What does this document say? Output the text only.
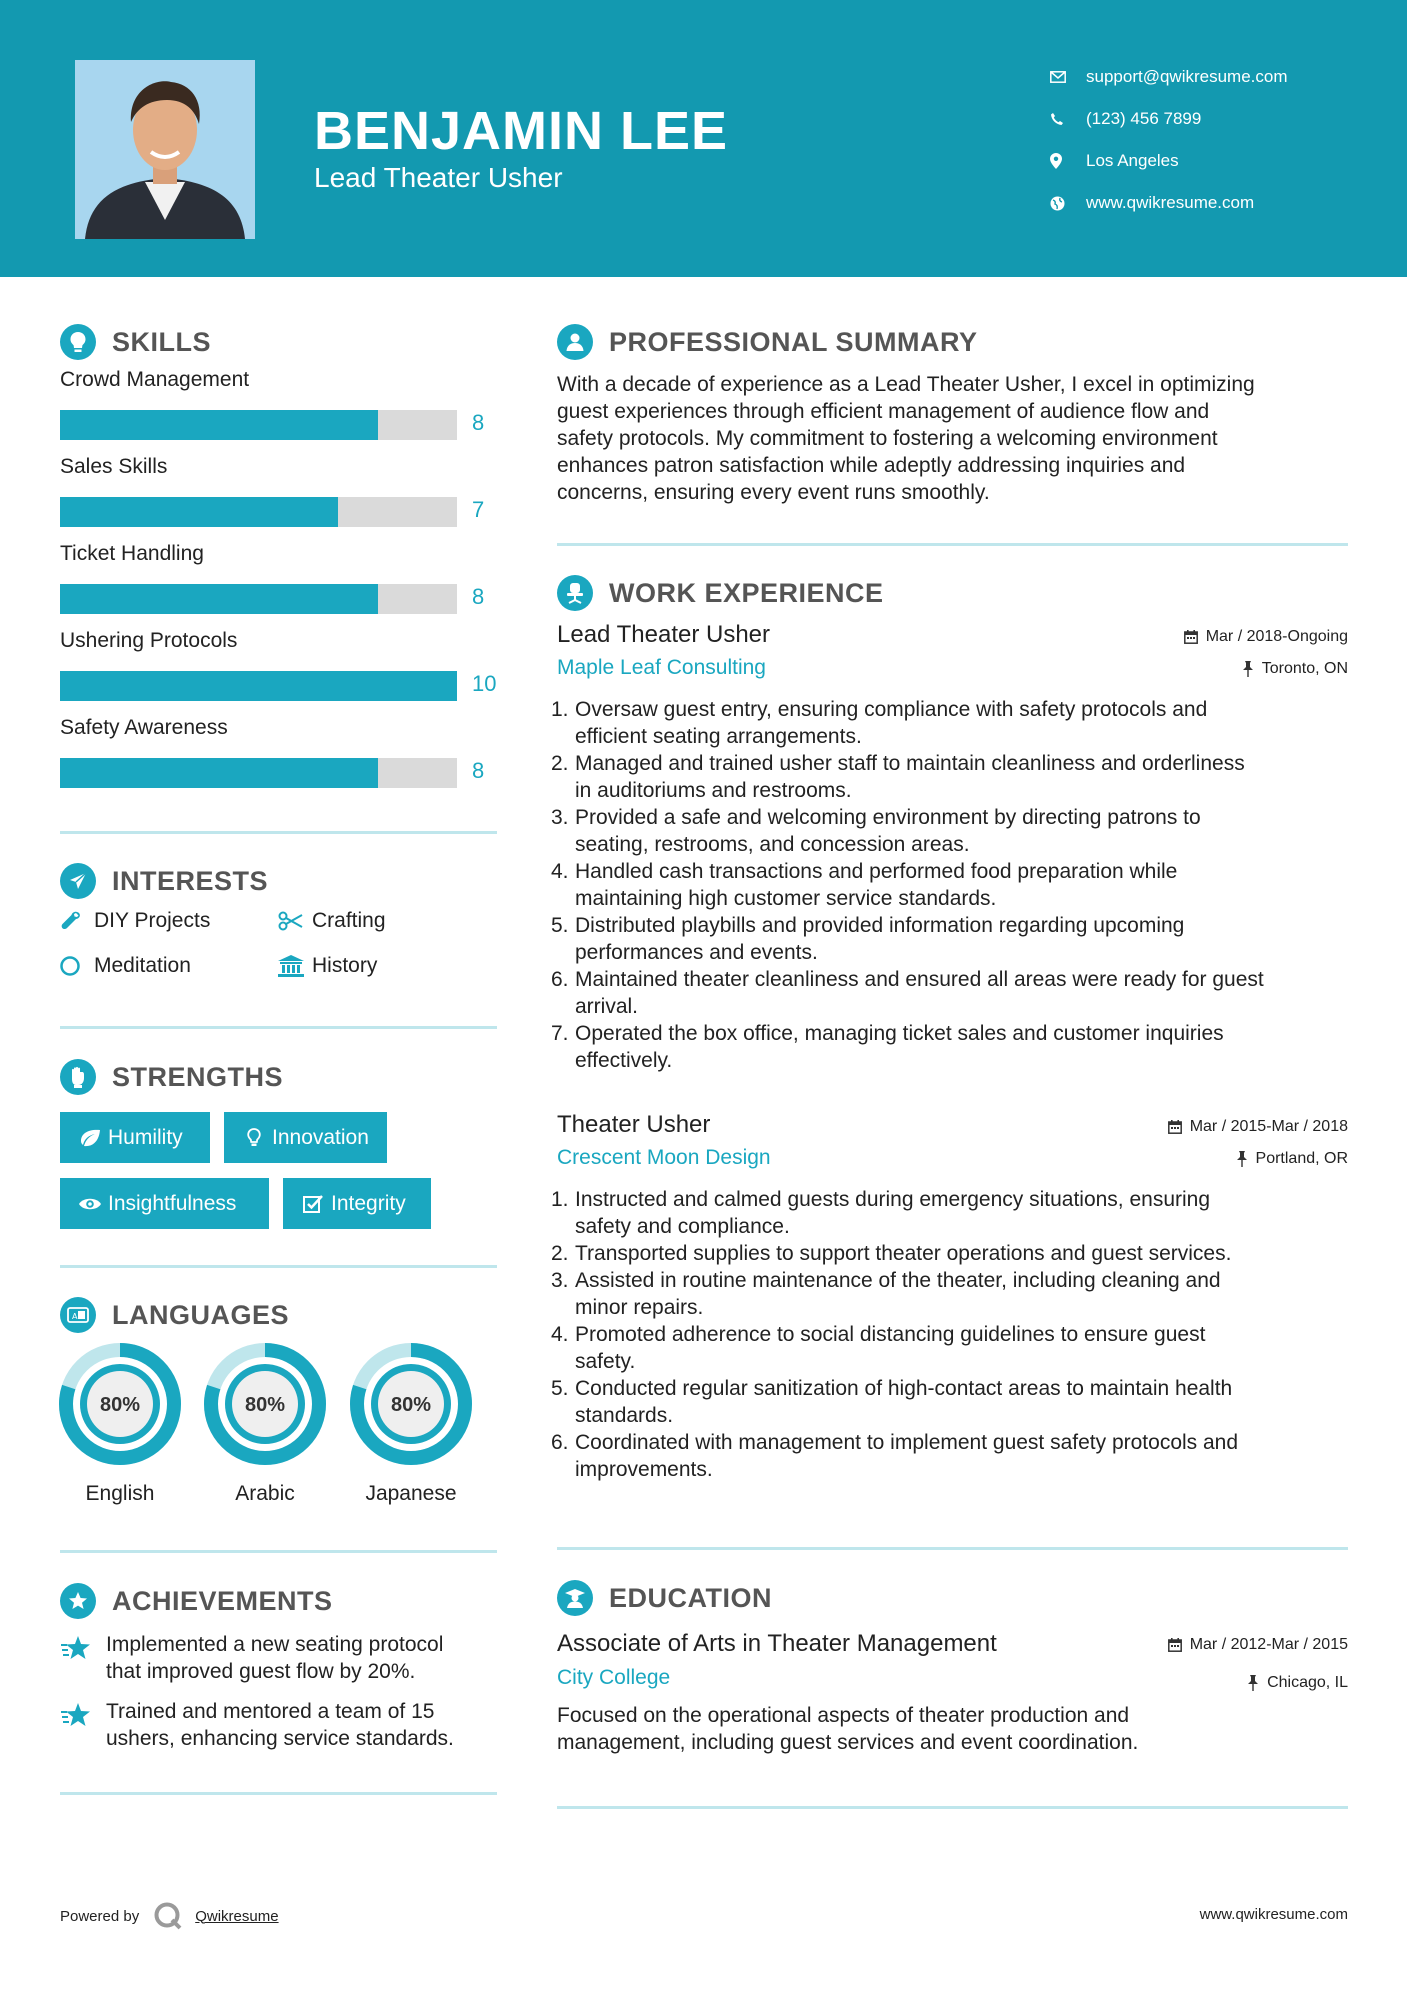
BENJAMIN LEE
Lead Theater Usher
support@qwikresume.com
(123) 456 7899
Los Angeles
www.qwikresume.com
SKILLS
Crowd Management
8
Sales Skills
7
Ticket Handling
8
Ushering Protocols
10
Safety Awareness
8
INTERESTS
DIY Projects	Crafting
Meditation	History
STRENGTHS
Humility	Innovation
Insightfulness	Integrity
A LANGUAGES
80%
English
80%
Arabic
80%
Japanese
ACHIEVEMENTS
Implemented a new seating protocol
that improved guest flow by 20%.
Trained and mentored a team of 15
ushers, enhancing service standards.
PROFESSIONAL SUMMARY
With a decade of experience as a Lead Theater Usher, I excel in optimizing
guest experiences through efficient management of audience flow and
safety protocols. My commitment to fostering a welcoming environment
enhances patron satisfaction while adeptly addressing inquiries and
concerns, ensuring every event runs smoothly.
WORK EXPERIENCE
Lead Theater Usher	Mar / 2018-Ongoing
Maple Leaf Consulting	Toronto, ON
1. Oversaw guest entry, ensuring compliance with safety protocols and
efficient seating arrangements.
2. Managed and trained usher staff to maintain cleanliness and orderliness
in auditoriums and restrooms.
3. Provided a safe and welcoming environment by directing patrons to
seating, restrooms, and concession areas.
4. Handled cash transactions and performed food preparation while
maintaining high customer service standards.
5. Distributed playbills and provided information regarding upcoming
performances and events.
6. Maintained theater cleanliness and ensured all areas were ready for guest
arrival.
7. Operated the box office, managing ticket sales and customer inquiries
effectively.
Theater Usher	Mar / 2015-Mar / 2018
Crescent Moon Design	Portland, OR
1. Instructed and calmed guests during emergency situations, ensuring
safety and compliance.
2. Transported supplies to support theater operations and guest services.
3. Assisted in routine maintenance of the theater, including cleaning and
minor repairs.
4. Promoted adherence to social distancing guidelines to ensure guest
safety.
5. Conducted regular sanitization of high-contact areas to maintain health
standards.
6. Coordinated with management to implement guest safety protocols and
improvements.
EDUCATION
Associate of Arts in Theater Management	Mar / 2012-Mar / 2015
City College	Chicago, IL
Focused on the operational aspects of theater production and
management, including guest services and event coordination.
Powered by	Qwikresume	www.qwikresume.com
